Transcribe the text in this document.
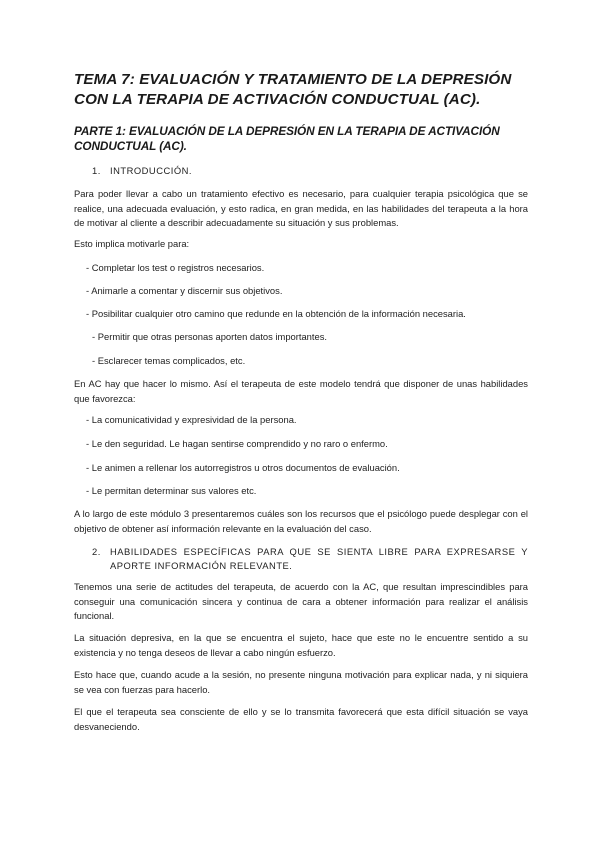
TEMA 7: EVALUACIÓN Y TRATAMIENTO DE LA DEPRESIÓN CON LA TERAPIA DE ACTIVACIÓN CONDUCTUAL (AC).
PARTE 1: EVALUACIÓN DE LA DEPRESIÓN EN LA TERAPIA DE ACTIVACIÓN CONDUCTUAL (AC).
1. INTRODUCCIÓN.
Para poder llevar a cabo un tratamiento efectivo es necesario, para cualquier terapia psicológica que se realice, una adecuada evaluación, y esto radica, en gran medida, en las habilidades del terapeuta a la hora de motivar al cliente a describir adecuadamente su situación y sus problemas.
Esto implica motivarle para:
- Completar los test o registros necesarios.
- Animarle a comentar y discernir sus objetivos.
- Posibilitar cualquier otro camino que redunde en la obtención de la información necesaria.
- Permitir que otras personas aporten datos importantes.
- Esclarecer temas complicados, etc.
En AC hay que hacer lo mismo. Así el terapeuta de este modelo tendrá que disponer de unas habilidades que favorezca:
- La comunicatividad y expresividad de la persona.
- Le den seguridad. Le hagan sentirse comprendido y no raro o enfermo.
- Le animen a rellenar los autorregistros u otros documentos de evaluación.
- Le permitan determinar sus valores etc.
A lo largo de este módulo 3 presentaremos cuáles son los recursos que el psicólogo puede desplegar con el objetivo de obtener así información relevante en la evaluación del caso.
2. HABILIDADES ESPECÍFICAS PARA QUE SE SIENTA LIBRE PARA EXPRESARSE Y APORTE INFORMACIÓN RELEVANTE.
Tenemos una serie de actitudes del terapeuta, de acuerdo con la AC, que resultan imprescindibles para conseguir una comunicación sincera y continua de cara a obtener información para realizar el análisis funcional.
La situación depresiva, en la que se encuentra el sujeto, hace que este no le encuentre sentido a su existencia y no tenga deseos de llevar a cabo ningún esfuerzo.
Esto hace que, cuando acude a la sesión, no presente ninguna motivación para explicar nada, y ni siquiera se vea con fuerzas para hacerlo.
El que el terapeuta sea consciente de ello y se lo transmita favorecerá que esta difícil situación se vaya desvaneciendo.
